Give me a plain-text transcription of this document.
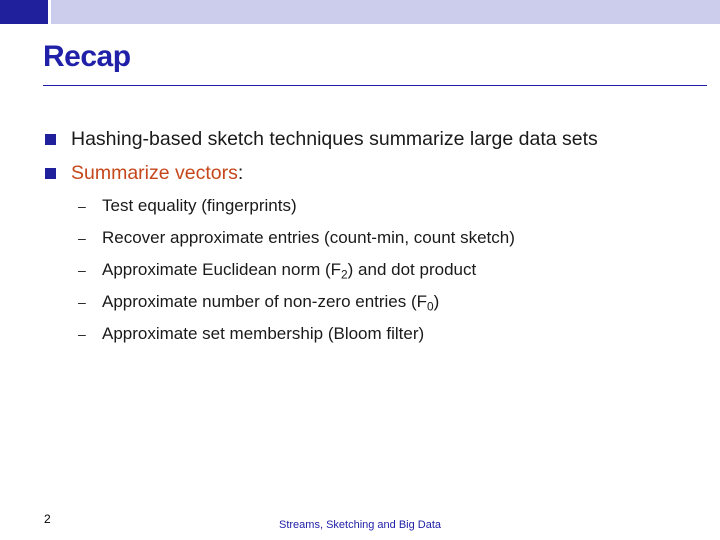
Recap
Hashing-based sketch techniques summarize large data sets
Summarize vectors:
– Test equality (fingerprints)
– Recover approximate entries (count-min, count sketch)
– Approximate Euclidean norm $(F_2)$ and dot product
– Approximate number of non-zero entries $(F_0)$
– Approximate set membership (Bloom filter)
2	Streams, Sketching and Big Data
